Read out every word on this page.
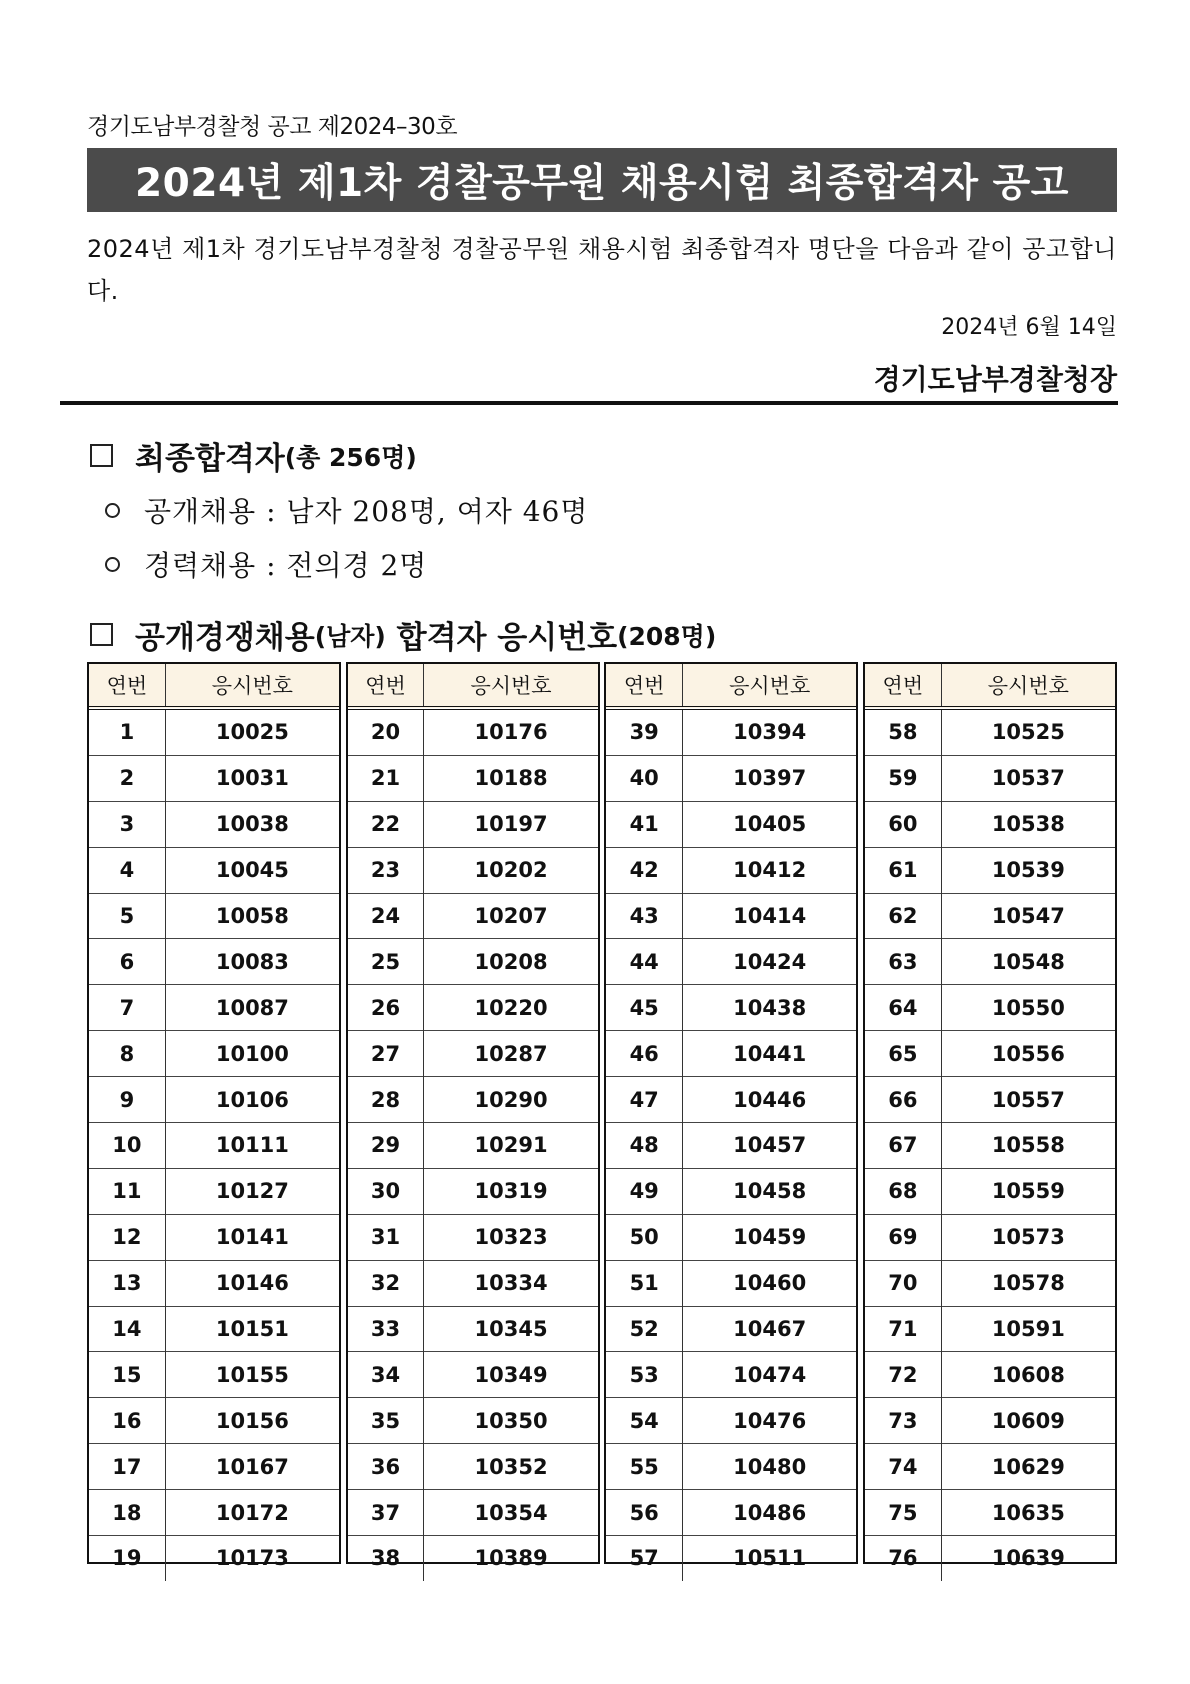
경기도남부경찰청 공고 제2024–30호
2024년 제1차 경찰공무원 채용시험 최종합격자 공고
2024년 제1차 경기도남부경찰청 경찰공무원 채용시험 최종합격자 명단을 다음과 같이 공고합니다.
2024년 6월 14일
경기도남부경찰청장
최종합격자 (총 256명)
공개채용 : 남자 208명, 여자 46명
경력채용 : 전의경 2명
공개경쟁채용 (남자) 합격자 응시번호 (208명)
연번	응시번호
1	10025
2	10031
3	10038
4	10045
5	10058
6	10083
7	10087
8	10100
9	10106
10	10111
11	10127
12	10141
13	10146
14	10151
15	10155
16	10156
17	10167
18	10172
19	10173
연번	응시번호
20	10176
21	10188
22	10197
23	10202
24	10207
25	10208
26	10220
27	10287
28	10290
29	10291
30	10319
31	10323
32	10334
33	10345
34	10349
35	10350
36	10352
37	10354
38	10389
연번	응시번호
39	10394
40	10397
41	10405
42	10412
43	10414
44	10424
45	10438
46	10441
47	10446
48	10457
49	10458
50	10459
51	10460
52	10467
53	10474
54	10476
55	10480
56	10486
57	10511
연번	응시번호
58	10525
59	10537
60	10538
61	10539
62	10547
63	10548
64	10550
65	10556
66	10557
67	10558
68	10559
69	10573
70	10578
71	10591
72	10608
73	10609
74	10629
75	10635
76	10639
